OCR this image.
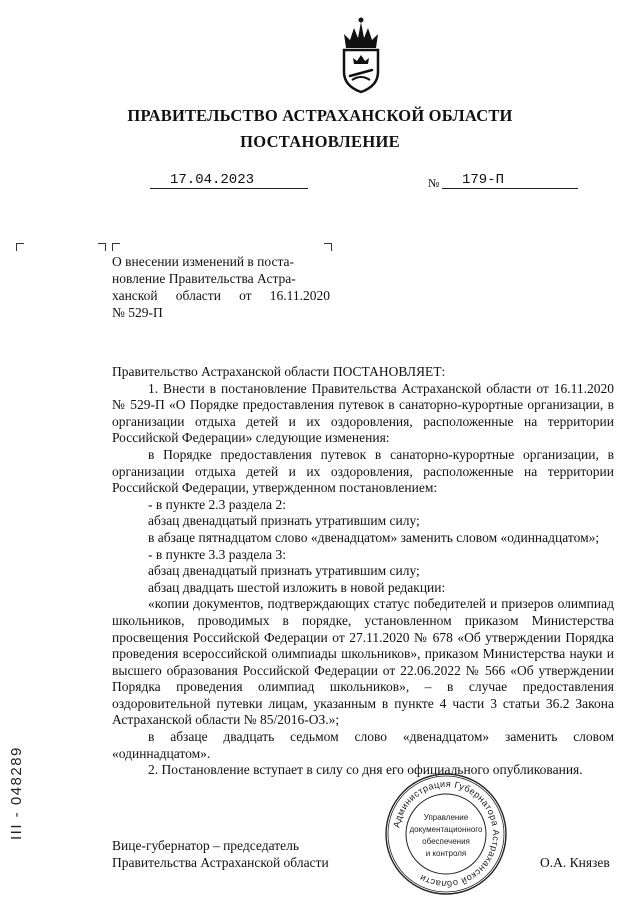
ПРАВИТЕЛЬСТВО АСТРАХАНСКОЙ ОБЛАСТИ
ПОСТАНОВЛЕНИЕ
17.04.2023	№ 179-П

О внесении изменений в поста-

новление Правительства Астра-

ханской области от 16.11.2020

№ 529-П

Правительство Астраханской области ПОСТАНОВЛЯЕТ:

1. Внести в постановление Правительства Астраханской области от 16.11.2020 № 529-П «О Порядке предоставления путевок в санаторно-курортные организации, в организации отдыха детей и их оздоровления, расположенные на территории Российской Федерации» следующие изменения:

в Порядке предоставления путевок в санаторно-курортные организации, в организации отдыха детей и их оздоровления, расположенные на территории Российской Федерации, утвержденном постановлением:

- в пункте 2.3 раздела 2:

абзац двенадцатый признать утратившим силу;

в абзаце пятнадцатом слово «двенадцатом» заменить словом «одиннадцатом»;

- в пункте 3.3 раздела 3:

абзац двенадцатый признать утратившим силу;

абзац двадцать шестой изложить в новой редакции:

«копии документов, подтверждающих статус победителей и призеров олимпиад школьников, проводимых в порядке, установленном приказом Министерства просвещения Российской Федерации от 27.11.2020 № 678 «Об утверждении Порядка проведения всероссийской олимпиады школьников», приказом Министерства науки и высшего образования Российской Федерации от 22.06.2022 № 566 «Об утверждении Порядка проведения олимпиад школьников», – в случае предоставления оздоровительной путевки лицам, указанным в пункте 4 части 3 статьи 36.2 Закона Астраханской области № 85/2016-ОЗ.»;

в абзаце двадцать седьмом слово «двенадцатом» заменить словом «одиннадцатом».

2. Постановление вступает в силу со дня его официального опубликования.

Вице-губернатор – председатель
Правительства Астраханской области	О.А. Князев
Администрация Губернатора Астраханской области
Управление
документационного
обеспечения
и контроля
III - 048289
